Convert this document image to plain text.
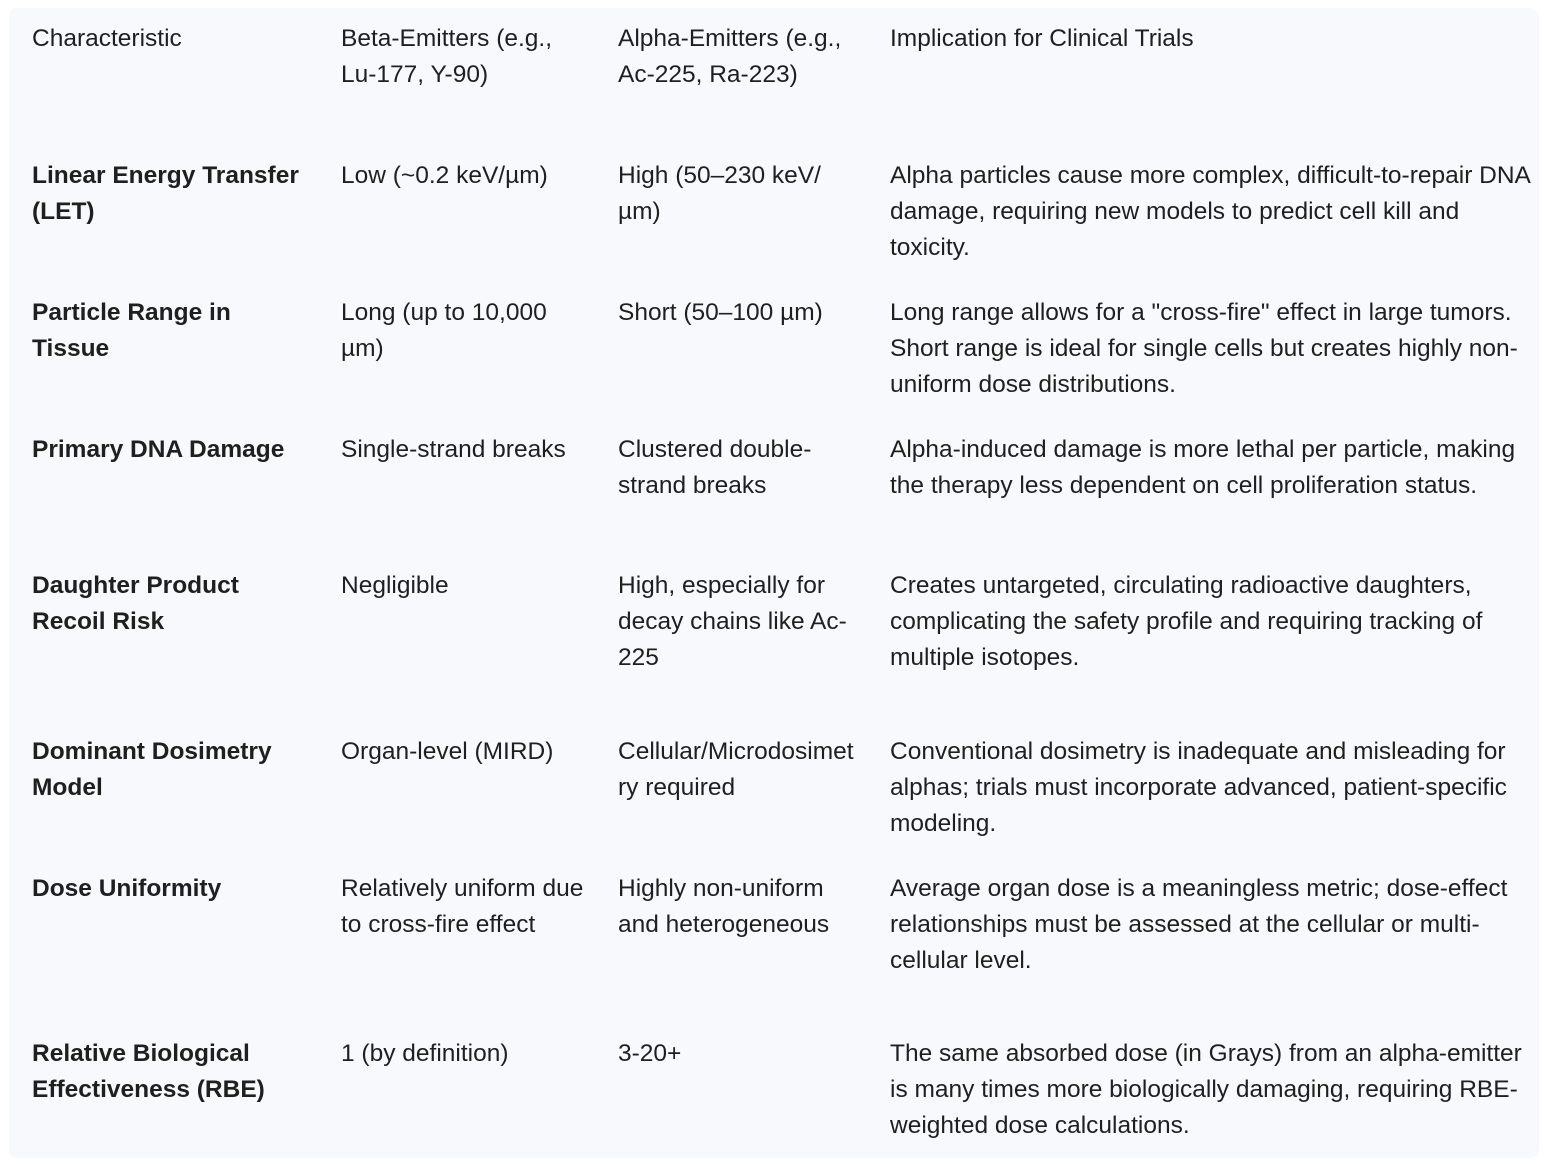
Characteristic	Beta-Emitters (e.g., Lu-177, Y-90)	Alpha-Emitters (e.g., Ac-225, Ra-223)	Implication for Clinical Trials
Linear Energy Transfer (LET)	Low (~0.2 keV/µm)	High (50–230 keV/µm)	Alpha particles cause more complex, difficult-to-repair DNA damage, requiring new models to predict cell kill and toxicity.
Particle Range in Tissue	Long (up to 10,000 µm)	Short (50–100 µm)	Long range allows for a "cross-fire" effect in large tumors. Short range is ideal for single cells but creates highly non-uniform dose distributions.
Primary DNA Damage	Single-strand breaks	Clustered double-strand breaks	Alpha-induced damage is more lethal per particle, making the therapy less dependent on cell proliferation status.
Daughter Product Recoil Risk	Negligible	High, especially for decay chains like Ac-225	Creates untargeted, circulating radioactive daughters, complicating the safety profile and requiring tracking of multiple isotopes.
Dominant Dosimetry Model	Organ-level (MIRD)	Cellular/Microdosimetry required	Conventional dosimetry is inadequate and misleading for alphas; trials must incorporate advanced, patient-specific modeling.
Dose Uniformity	Relatively uniform due to cross-fire effect	Highly non-uniform and heterogeneous	Average organ dose is a meaningless metric; dose-effect relationships must be assessed at the cellular or multi-cellular level.
Relative Biological Effectiveness (RBE)	1 (by definition)	3-20+	The same absorbed dose (in Grays) from an alpha-emitter is many times more biologically damaging, requiring RBE-weighted dose calculations.
